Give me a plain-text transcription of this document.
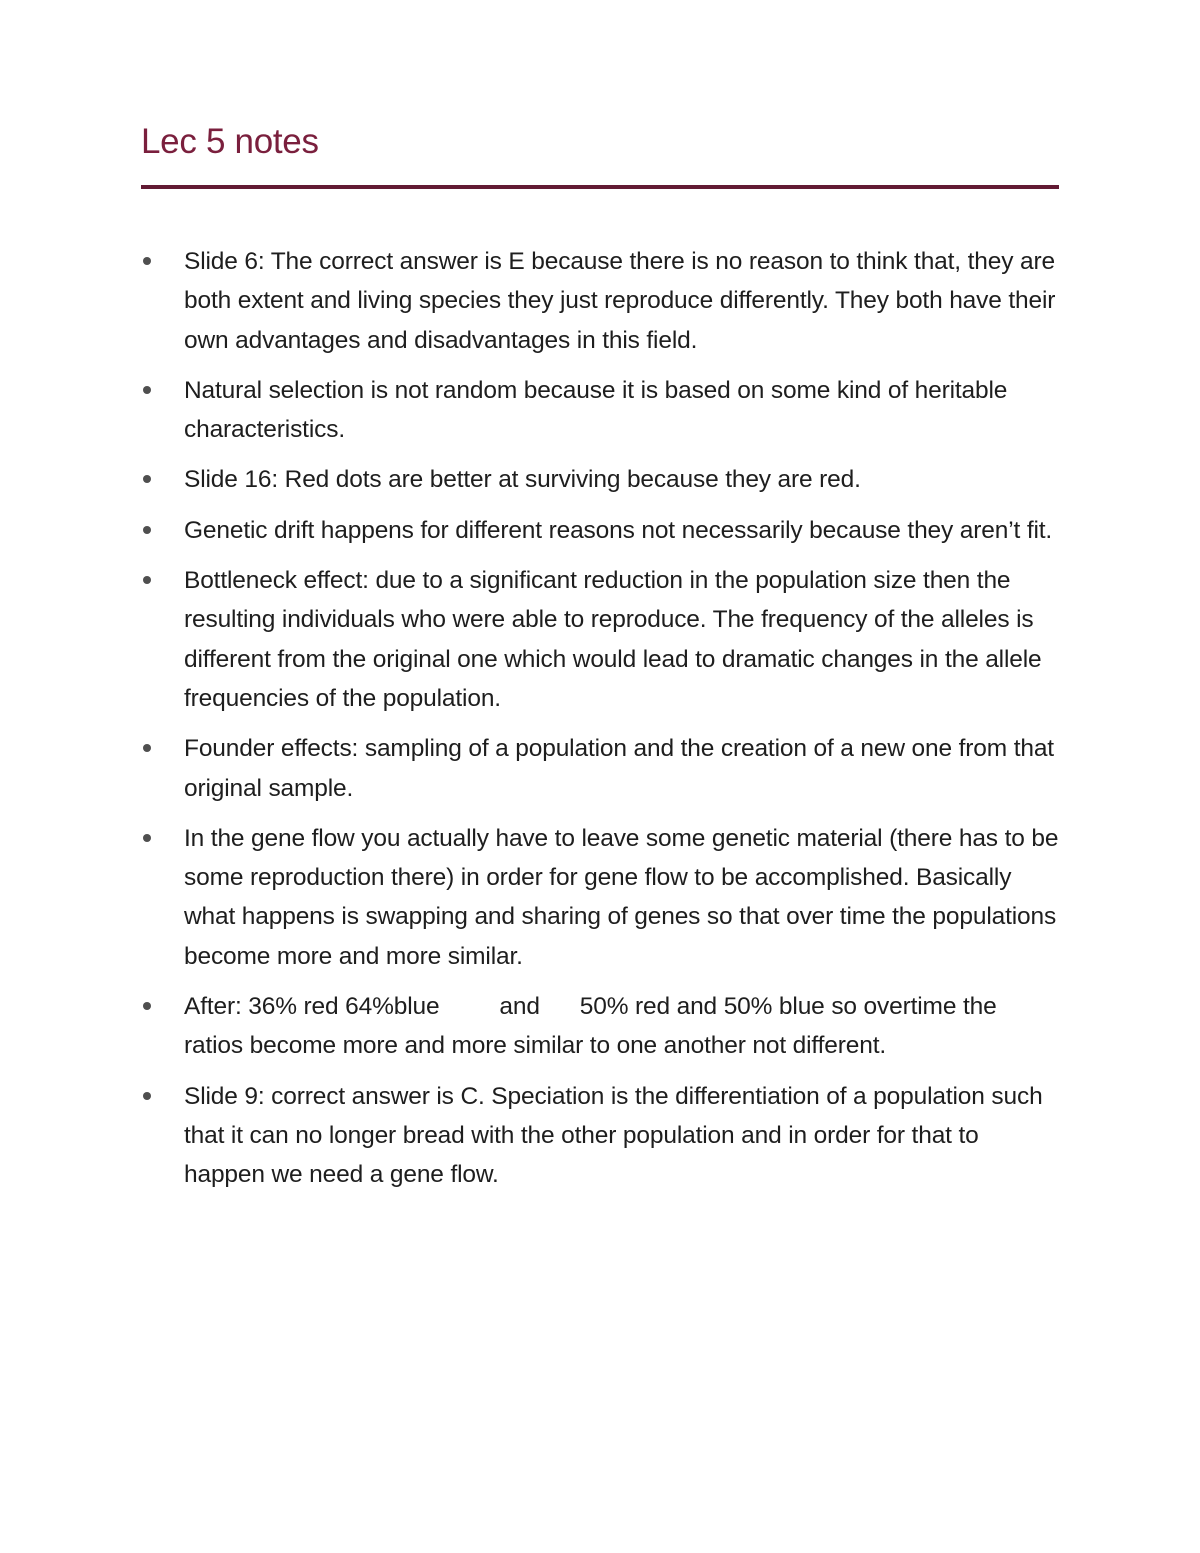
Lec 5 notes
Slide 6: The correct answer is E because there is no reason to think that, they are both extent and living species they just reproduce differently. They both have their own advantages and disadvantages in this field.
Natural selection is not random because it is based on some kind of heritable characteristics.
Slide 16: Red dots are better at surviving because they are red.
Genetic drift happens for different reasons not necessarily because they aren’t fit.
Bottleneck effect: due to a significant reduction in the population size then the resulting individuals who were able to reproduce. The frequency of the alleles is different from the original one which would lead to dramatic changes in the allele frequencies of the population.
Founder effects: sampling of a population and the creation of a new one from that original sample.
In the gene flow you actually have to leave some genetic material (there has to be some reproduction there) in order for gene flow to be accomplished. Basically what happens is swapping and sharing of genes so that over time the populations become more and more similar.
After: 36% red 64%blue         and      50% red and 50% blue so overtime the ratios become more and more similar to one another not different.
Slide 9: correct answer is C. Speciation is the differentiation of a population such that it can no longer bread with the other population and in order for that to happen we need a gene flow.
